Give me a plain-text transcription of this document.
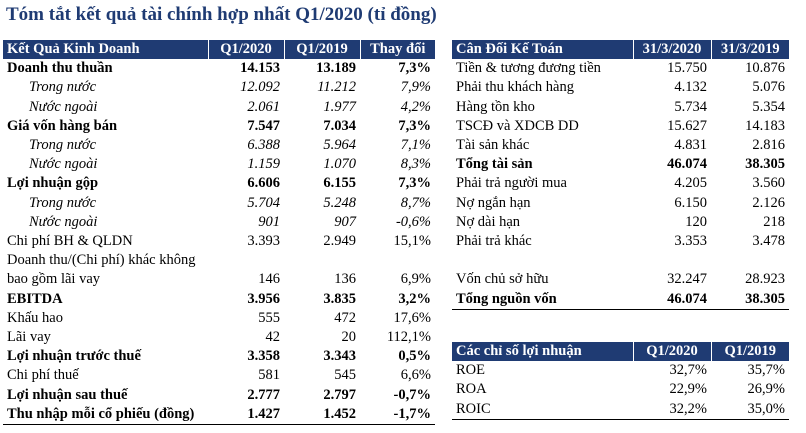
Tóm tắt kết quả tài chính hợp nhất Q1/2020 (tỉ đồng)
Kết Quả Kinh Doanh	Q1/2020	Q1/2019	Thay đổi
Doanh thu thuần	14.153	13.189	7,3%
Trong nước	12.092	11.212	7,9%
Nước ngoài	2.061	1.977	4,2%
Giá vốn hàng bán	7.547	7.034	7,3%
Trong nước	6.388	5.964	7,1%
Nước ngoài	1.159	1.070	8,3%
Lợi nhuận gộp	6.606	6.155	7,3%
Trong nước	5.704	5.248	8,7%
Nước ngoài	901	907	-0,6%
Chi phí BH & QLDN	3.393	2.949	15,1%
Doanh thu/(Chi phí) khác không bao gồm lãi vay	146	136	6,9%
EBITDA	3.956	3.835	3,2%
Khấu hao	555	472	17,6%
Lãi vay	42	20	112,1%
Lợi nhuận trước thuế	3.358	3.343	0,5%
Chi phí thuế	581	545	6,6%
Lợi nhuận sau thuế	2.777	2.797	-0,7%
Thu nhập mỗi cổ phiếu (đồng)	1.427	1.452	-1,7%
Cân Đối Kế Toán	31/3/2020	31/3/2019
Tiền & tương đương tiền	15.750	10.876
Phải thu khách hàng	4.132	5.076
Hàng tồn kho	5.734	5.354
TSCĐ và XDCB DD	15.627	14.183
Tài sản khác	4.831	2.816
Tổng tài sản	46.074	38.305
Phải trả người mua	4.205	3.560
Nợ ngắn hạn	6.150	2.126
Nợ dài hạn	120	218
Phải trả khác	3.353	3.478
Vốn chủ sở hữu	32.247	28.923
Tổng nguồn vốn	46.074	38.305
Các chỉ số lợi nhuận	Q1/2020	Q1/2019
ROE	32,7%	35,7%
ROA	22,9%	26,9%
ROIC	32,2%	35,0%
